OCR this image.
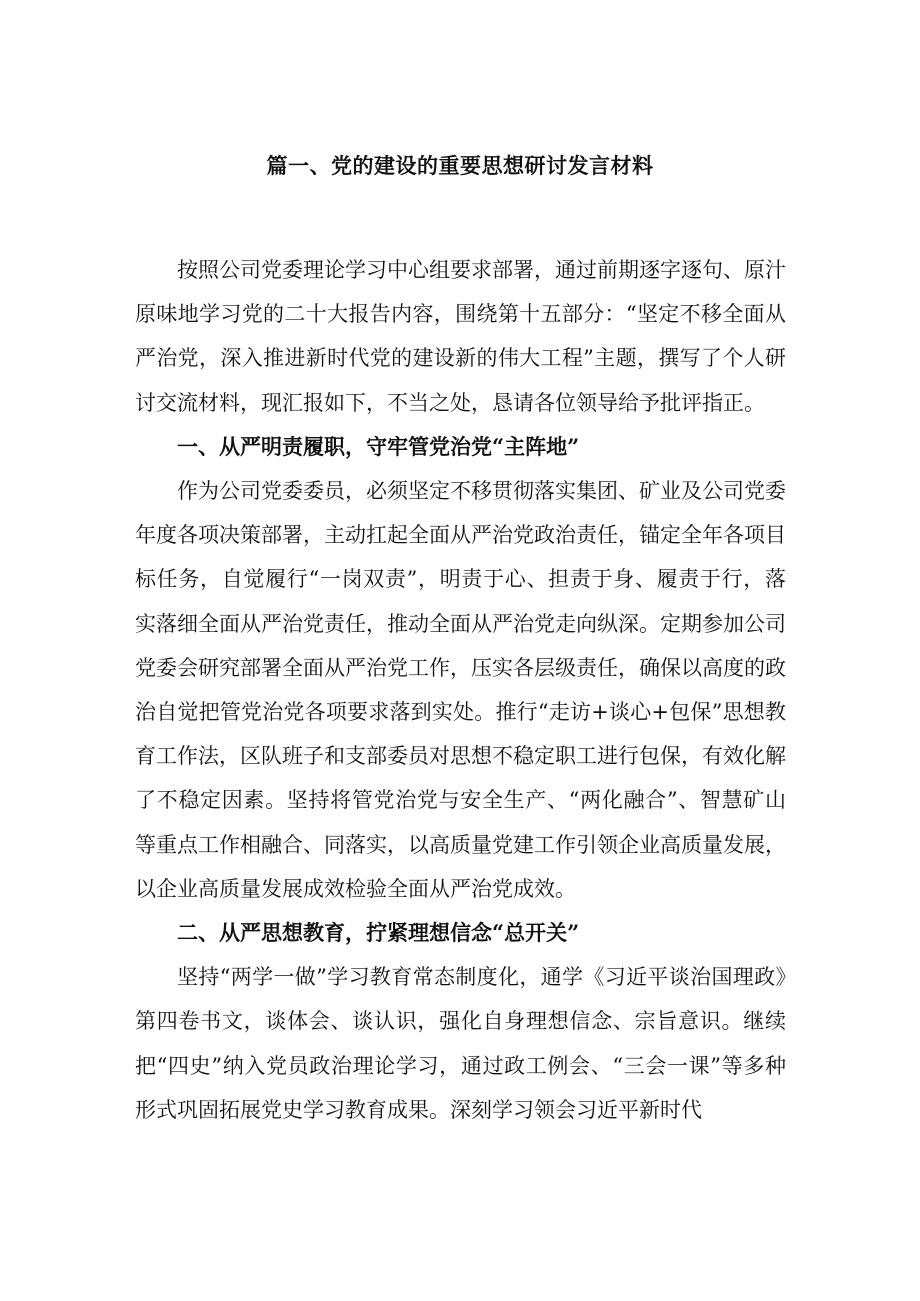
篇一、党的建设的重要思想研讨发言材料

按照公司党委理论学习中心组要求部署，通过前期逐字逐句、原汁原味地学习党的二十大报告内容，围绕第十五部分：“坚定不移全面从严治党，深入推进新时代党的建设新的伟大工程”主题，撰写了个人研讨交流材料，现汇报如下，不当之处，恳请各位领导给予批评指正。

一、从严明责履职，守牢管党治党“主阵地”

作为公司党委委员，必须坚定不移贯彻落实集团、矿业及公司党委年度各项决策部署，主动扛起全面从严治党政治责任，锚定全年各项目标任务，自觉履行“一岗双责”，明责于心、担责于身、履责于行，落实落细全面从严治党责任，推动全面从严治党走向纵深。定期参加公司党委会研究部署全面从严治党工作，压实各层级责任，确保以高度的政治自觉把管党治党各项要求落到实处。推行“走访+谈心+包保”思想教育工作法，区队班子和支部委员对思想不稳定职工进行包保，有效化解了不稳定因素。坚持将管党治党与安全生产、“两化融合”、智慧矿山等重点工作相融合、同落实，以高质量党建工作引领企业高质量发展，以企业高质量发展成效检验全面从严治党成效。

二、从严思想教育，拧紧理想信念“总开关”

坚持“两学一做”学习教育常态制度化，通学《习近平谈治国理政》第四卷书文，谈体会、谈认识，强化自身理想信念、宗旨意识。继续把“四史”纳入党员政治理论学习，通过政工例会、“三会一课”等多种形式巩固拓展党史学习教育成果。深刻学习领会习近平新时代
